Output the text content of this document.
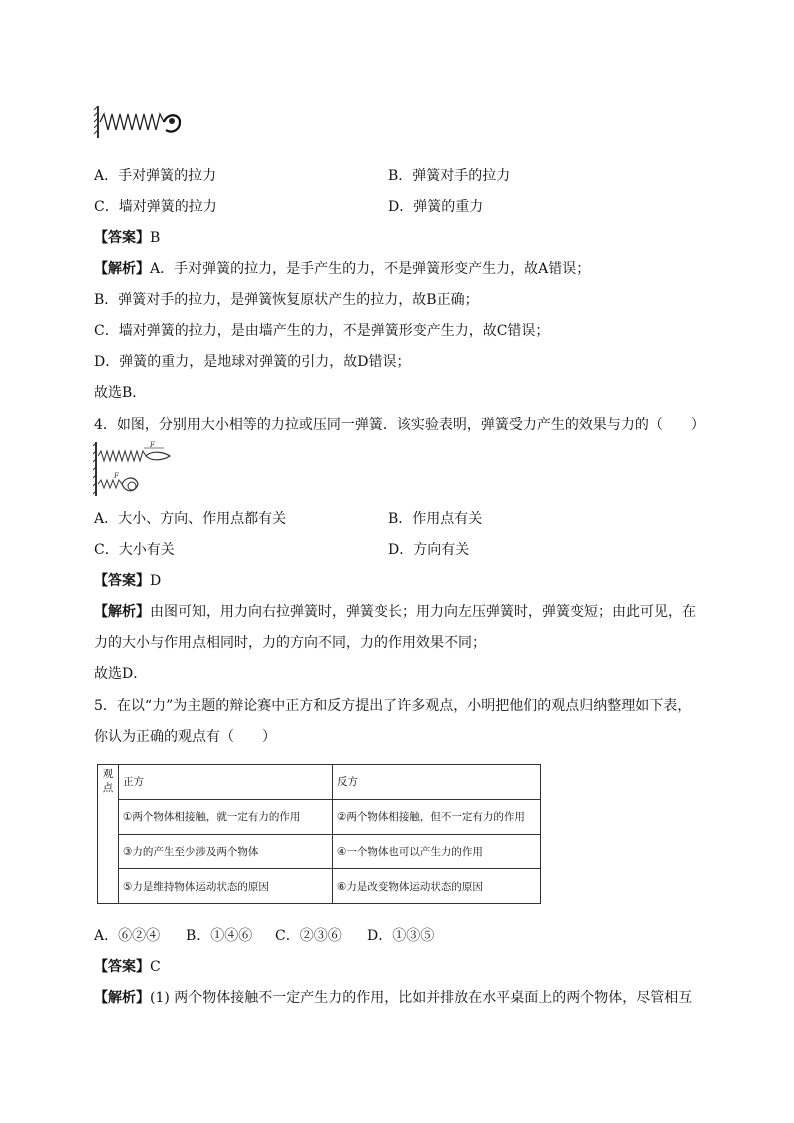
A．手对弹簧的拉力	B．弹簧对手的拉力
C．墙对弹簧的拉力	D．弹簧的重力
【答案】B
【解析】A．手对弹簧的拉力，是手产生的力，不是弹簧形变产生力，故A错误；
B．弹簧对手的拉力，是弹簧恢复原状产生的拉力，故B正确；
C．墙对弹簧的拉力，是由墙产生的力，不是弹簧形变产生力，故C错误；
D．弹簧的重力，是地球对弹簧的引力，故D错误；
故选B．
4．如图，分别用大小相等的力拉或压同一弹簧．该实验表明，弹簧受力产生的效果与力的（　　）
F
F
A．大小、方向、作用点都有关	B．作用点有关
C．大小有关	D．方向有关
【答案】D
【解析】由图可知，用力向右拉弹簧时，弹簧变长；用力向左压弹簧时，弹簧变短；由此可见，在
力的大小与作用点相同时，力的方向不同，力的作用效果不同；
故选D．
5．在以“力”为主题的辩论赛中正方和反方提出了许多观点，小明把他们的观点归纳整理如下表，
你认为正确的观点有（　　）
观点	正方	反方
	①两个物体相接触，就一定有力的作用	②两个物体相接触，但不一定有力的作用
	③力的产生至少涉及两个物体	④一个物体也可以产生力的作用
	⑤力是维持物体运动状态的原因	⑥力是改变物体运动状态的原因
A．⑥②④ B．①④⑥ C．②③⑥ D．①③⑤
【答案】C
【解析】(1) 两个物体接触不一定产生力的作用，比如并排放在水平桌面上的两个物体，尽管相互
